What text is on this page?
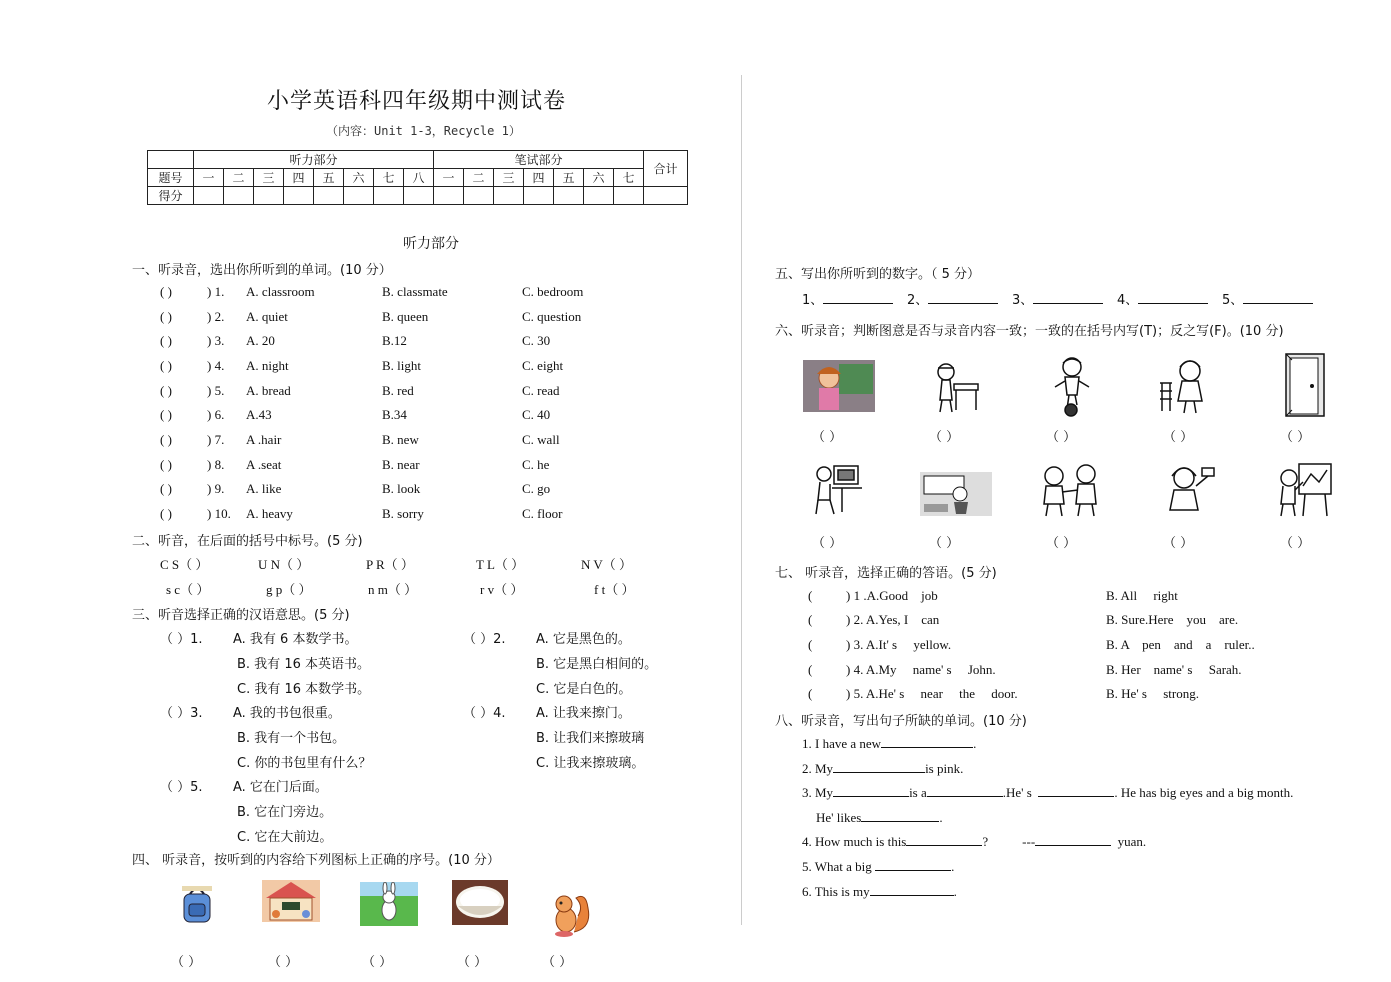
小学英语科四年级期中测试卷
（内容：Unit 1-3，Recycle 1）
	听力部分								笔试部分							合计
题号	一	二	三	四	五	六	七	八	一	二	三	四	五	六	七	
得分																
听力部分
一、听录音，选出你所听到的单词。(10 分）
( )	) 1. A. classroom	B. classmate	C. bedroom
( )	) 2. A. quiet	B. queen	C. question
( )	) 3. A. 20	B.12	C. 30
( )	) 4. A. night	B. light	C. eight
( )	) 5. A. bread	B. red	C. read
( )	) 6. A.43	B.34	C. 40
( )	) 7. A .hair	B. new	C. wall
( )	) 8. A .seat	B. near	C. he
( )	) 9. A. like	B. look	C. go
( )	) 10. A. heavy	B. sorry	C. floor
二、听音，在后面的括号中标号。(5 分)
C S（ ）	U N（ ）	P R（ ）	T L（ ）	N V（ ）
s c（ ）	g p（ ）	n m（ ）	r v（ ）	f t（ ）
三、听音选择正确的汉语意思。(5 分)
（ ）1. A. 我有 6 本数学书。
B. 我有 16 本英语书。
C. 我有 16 本数学书。
（ ）2. A. 它是黑色的。
B. 它是黑白相间的。
C. 它是白色的。
（ ）3. A. 我的书包很重。
B. 我有一个书包。
C. 你的书包里有什么？
（ ）4. A. 让我来擦门。
B. 让我们来擦玻璃
C. 让我来擦玻璃。
（ ）5. A. 它在门后面。
B. 它在门旁边。
C. 它在大前边。
四、 听录音，按听到的内容给下列图标上正确的序号。(10 分）
（ ）	（ ）	（ ）	（ ）	（ ）
五、写出你所听到的数字。（ 5 分）
1、	2、	3、	4、	5、
六、听录音；判断图意是否与录音内容一致；一致的在括号内写(T)；反之写(F)。(10 分)
（ ）	（ ）	（ ）	（ ）	（ ）
（ ）	（ ）	（ ）	（ ）	（ ）
七、 听录音，选择正确的答语。(5 分)
( ) 1 .A.Good    job	B. All     right
( ) 2. A.Yes, I    can	B. Sure.Here    you    are.
( ) 3. A.It' s     yellow.	B. A    pen    and    a    ruler..
( ) 4. A.My     name' s     John.	B. Her    name' s     Sarah.
( ) 5. A.He' s     near     the     door.	B. He' s     strong.
八、听录音，写出句子所缺的单词。(10 分)
1. I have a new	.
2. My	is pink.
3. My	is a	.He' s	. He has big eyes and a big month.
He' likes	.
4. How much is this	?	---	yuan.
5. What a big	.
6. This is my	.
